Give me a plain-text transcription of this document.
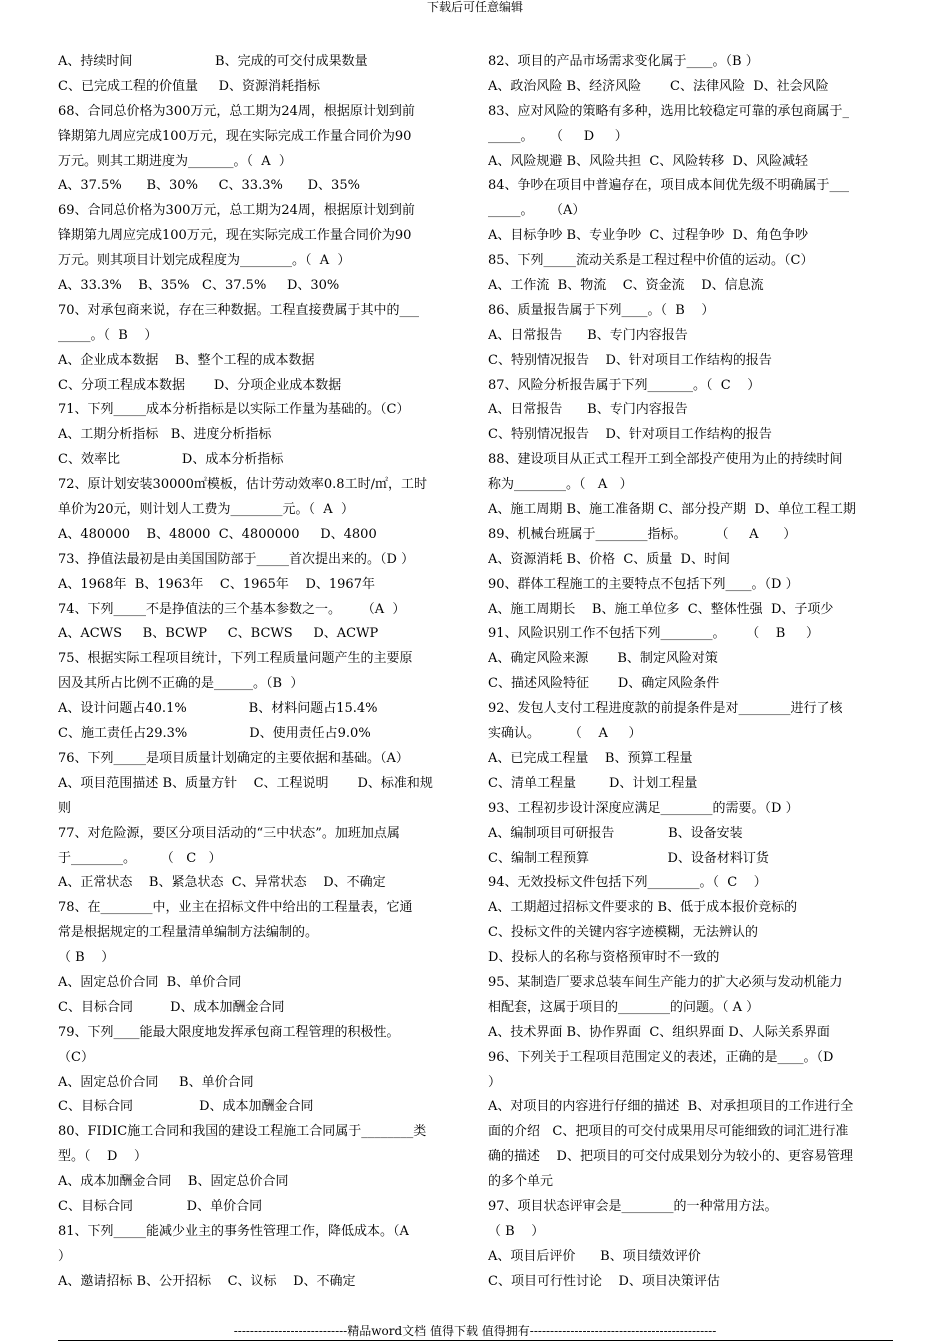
下载后可任意编辑
A、持续时间                    B、完成的可交付成果数量
C、已完成工程的价值量     D、资源消耗指标
68、合同总价格为300万元，总工期为24周，根据原计划到前
锋期第九周应完成100万元，现在实际完成工作量合同价为90
万元。则其工期进度为_______。（  A  ）
A、37.5%      B、30%     C、33.3%      D、35%
69、合同总价格为300万元，总工期为24周，根据原计划到前
锋期第九周应完成100万元，现在实际完成工作量合同价为90
万元。则其项目计划完成程度为________。（  A  ）
A、33.3%    B、35%   C、37.5%     D、30%
70、对承包商来说，存在三种数据。工程直接费属于其中的___
_____。（  B    ）
A、企业成本数据    B、整个工程的成本数据
C、分项工程成本数据       D、分项企业成本数据
71、下列_____成本分析指标是以实际工作量为基础的。（C）
A、工期分析指标   B、进度分析指标
C、效率比               D、成本分析指标
72、原计划安装30000㎡模板，估计劳动效率0.8工时/㎡，工时
单价为20元，则计划人工费为________元。（  A  ）
A、480000    B、48000  C、4800000     D、4800
73、挣值法最初是由美国国防部于_____首次提出来的。（D ）
A、1968年  B、1963年    C、1965年    D、1967年
74、下列_____不是挣值法的三个基本参数之一。     （A  ）
A、ACWS     B、BCWP     C、BCWS     D、ACWP
75、根据实际工程项目统计，下列工程质量问题产生的主要原
因及其所占比例不正确的是______。（B  ）
A、设计问题占40.1%               B、材料问题占15.4%
C、施工责任占29.3%               D、使用责任占9.0%
76、下列_____是项目质量计划确定的主要依据和基础。（A）
A、项目范围描述 B、质量方针    C、工程说明       D、标准和规
则
77、对危险源，要区分项目活动的“三中状态”。加班加点属
于________。      （   C   ）
A、正常状态    B、紧急状态  C、异常状态    D、不确定
78、在________中，业主在招标文件中给出的工程量表，它通
常是根据规定的工程量清单编制方法编制的。
（ B    ）
A、固定总价合同  B、单价合同
C、目标合同         D、成本加酬金合同
79、下列____能最大限度地发挥承包商工程管理的积极性。
（C）
A、固定总价合同     B、单价合同
C、目标合同                D、成本加酬金合同
80、FIDIC施工合同和我国的建设工程施工合同属于________类
型。（    D    ）
A、成本加酬金合同    B、固定总价合同
C、目标合同             D、单价合同
81、下列_____能减少业主的事务性管理工作，降低成本。（A
）
A、邀请招标 B、公开招标    C、议标    D、不确定
82、项目的产品市场需求变化属于____。（B ）
A、政治风险 B、经济风险       C、法律风险  D、社会风险
83、应对风险的策略有多种，选用比较稳定可靠的承包商属于_
_____。    （     D     ）
A、风险规避 B、风险共担  C、风险转移  D、风险减轻
84、争吵在项目中普遍存在，项目成本间优先级不明确属于___
_____。    （A）
A、目标争吵 B、专业争吵  C、过程争吵  D、角色争吵
85、下列_____流动关系是工程过程中价值的运动。（C）
A、工作流  B、物流    C、资金流    D、信息流
86、质量报告属于下列____。（  B    ）
A、日常报告      B、专门内容报告
C、特别情况报告    D、针对项目工作结构的报告
87、风险分析报告属于下列_______。（  C    ）
A、日常报告      B、专门内容报告
C、特别情况报告    D、针对项目工作结构的报告
88、建设项目从正式工程开工到全部投产使用为止的持续时间
称为________。（   A   ）
A、施工周期 B、施工准备期 C、部分投产期  D、单位工程工期
89、机械台班属于________指标。       （     A      ）
A、资源消耗 B、价格  C、质量  D、时间
90、群体工程施工的主要特点不包括下列____。（D ）
A、施工周期长    B、施工单位多  C、整体性强  D、子项少
91、风险识别工作不包括下列________。     （    B     ）
A、确定风险来源       B、制定风险对策
C、描述风险特征       D、确定风险条件
92、发包人支付工程进度款的前提条件是对________进行了核
实确认。       （    A     ）
A、已完成工程量    B、预算工程量
C、清单工程量        D、计划工程量
93、工程初步设计深度应满足________的需要。（D ）
A、编制项目可研报告             B、设备安装
C、编制工程预算                   D、设备材料订货
94、无效投标文件包括下列________。（  C    ）
A、工期超过招标文件要求的 B、低于成本报价竞标的
C、投标文件的关键内容字迹模糊，无法辨认的
D、投标人的名称与资格预审时不一致的
95、某制造厂要求总装车间生产能力的扩大必须与发动机能力
相配套，这属于项目的________的问题。（ A ）
A、技术界面 B、协作界面  C、组织界面 D、人际关系界面
96、下列关于工程项目范围定义的表述，正确的是____。（D
）
A、对项目的内容进行仔细的描述  B、对承担项目的工作进行全
面的介绍   C、把项目的可交付成果用尽可能细致的词汇进行准
确的描述    D、把项目的可交付成果划分为较小的、更容易管理
的多个单元
97、项目状态评审会是________的一种常用方法。
（ B    ）
A、项目后评价      B、项目绩效评价
C、项目可行性讨论    D、项目决策评估
----------------------------精品word文档 值得下载 值得拥有----------------------------------------------
